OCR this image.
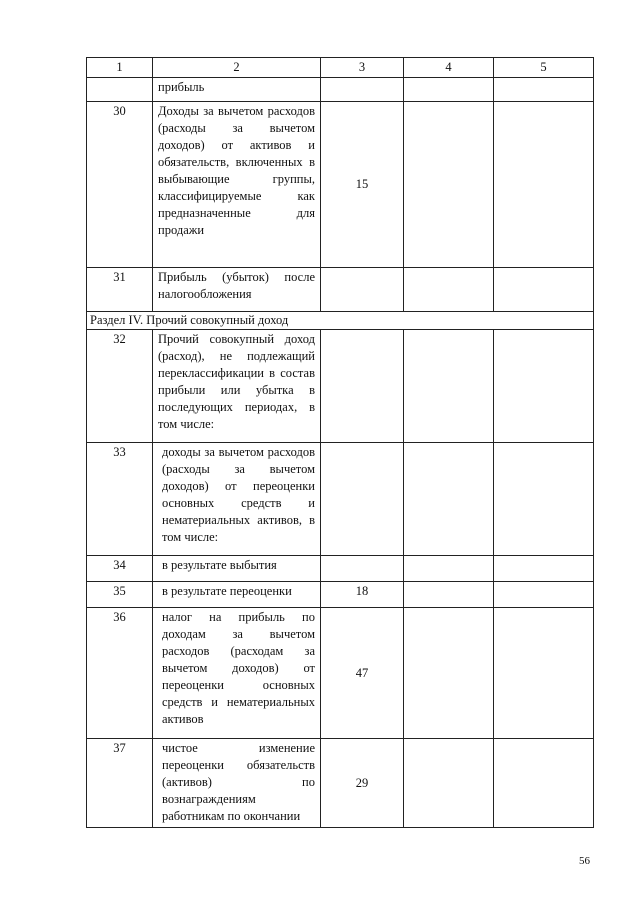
1	2	3	4	5
	прибыль			
30	Доходы за вычетом расходов (расходы за вычетом доходов) от активов и обязательств, включенных в выбывающие группы, классифицируемые как предназначенные для продажи	15		
31	Прибыль (убыток) после налогообложения			
Раздел IV. Прочий совокупный доход				
32	Прочий совокупный доход (расход), не подлежащий переклассификации в состав прибыли или убытка в последующих периодах, в том числе:			
33	доходы за вычетом расходов (расходы за вычетом доходов) от переоценки основных средств и нематериальных активов, в том числе:			
34	в результате выбытия			
35	в результате переоценки	18		
36	налог на прибыль по доходам за вычетом расходов (расходам за вычетом доходов) от переоценки основных средств и нематериальных активов	47		
37	чистое изменение переоценки обязательств (активов) по вознаграждениям работникам по окончании	29		
56
